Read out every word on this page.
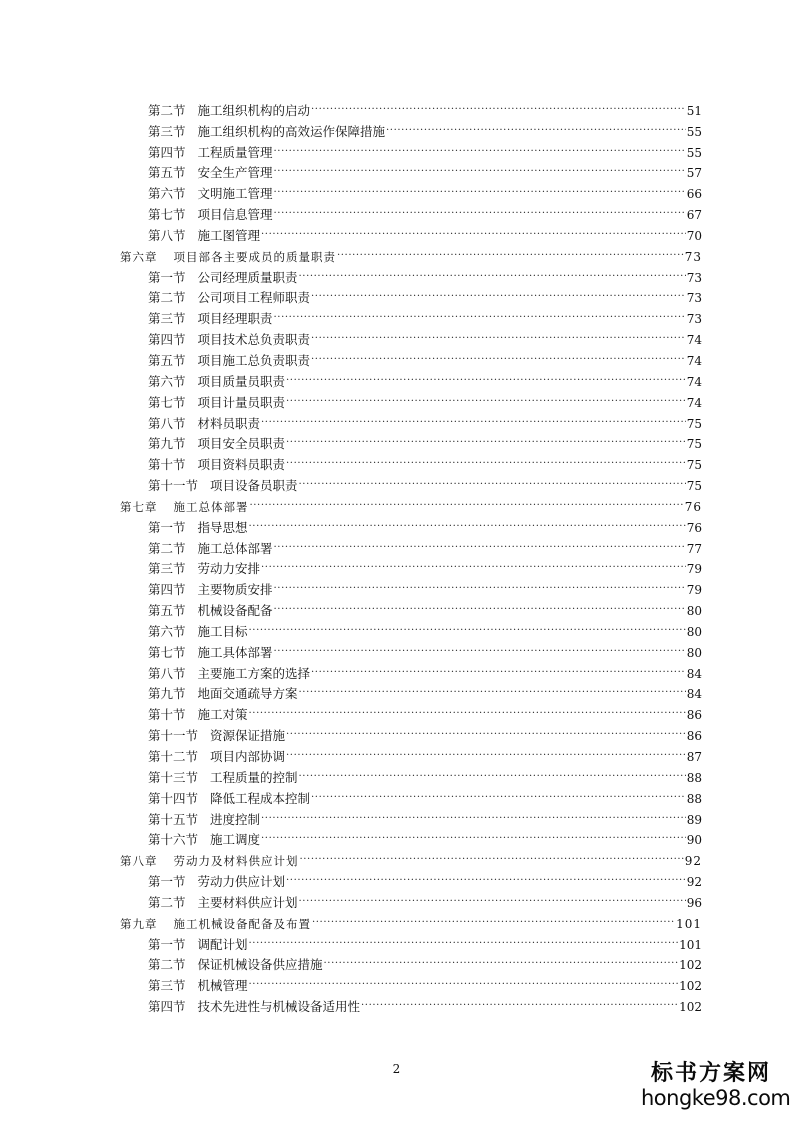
第二节 施工组织机构的启动 .....	51
第三节 施工组织机构的高效运作保障措施 .....	55
第四节 工程质量管理 .....	55
第五节 安全生产管理 .....	57
第六节 文明施工管理 .....	66
第七节 项目信息管理 .....	67
第八节 施工图管理 .....	70
第六章 项目部各主要成员的质量职责 .....	73
第一节 公司经理质量职责 .....	73
第二节 公司项目工程师职责 .....	73
第三节 项目经理职责 .....	73
第四节 项目技术总负责职责 .....	74
第五节 项目施工总负责职责 .....	74
第六节 项目质量员职责 .....	74
第七节 项目计量员职责 .....	74
第八节 材料员职责 .....	75
第九节 项目安全员职责 .....	75
第十节 项目资料员职责 .....	75
第十一节 项目设备员职责 .....	75
第七章 施工总体部署 .....	76
第一节 指导思想 .....	76
第二节 施工总体部署 .....	77
第三节 劳动力安排 .....	79
第四节 主要物质安排 .....	79
第五节 机械设备配备 .....	80
第六节 施工目标 .....	80
第七节 施工具体部署 .....	80
第八节 主要施工方案的选择 .....	84
第九节 地面交通疏导方案 .....	84
第十节 施工对策 .....	86
第十一节 资源保证措施 .....	86
第十二节 项目内部协调 .....	87
第十三节 工程质量的控制 .....	88
第十四节 降低工程成本控制 .....	88
第十五节 进度控制 .....	89
第十六节 施工调度 .....	90
第八章 劳动力及材料供应计划 .....	92
第一节 劳动力供应计划 .....	92
第二节 主要材料供应计划 .....	96
第九章 施工机械设备配备及布置 .....	101
第一节 调配计划 .....	101
第二节 保证机械设备供应措施 .....	102
第三节 机械管理 .....	102
第四节 技术先进性与机械设备适用性 .....	102
2	标书方案网
hongke98.com
